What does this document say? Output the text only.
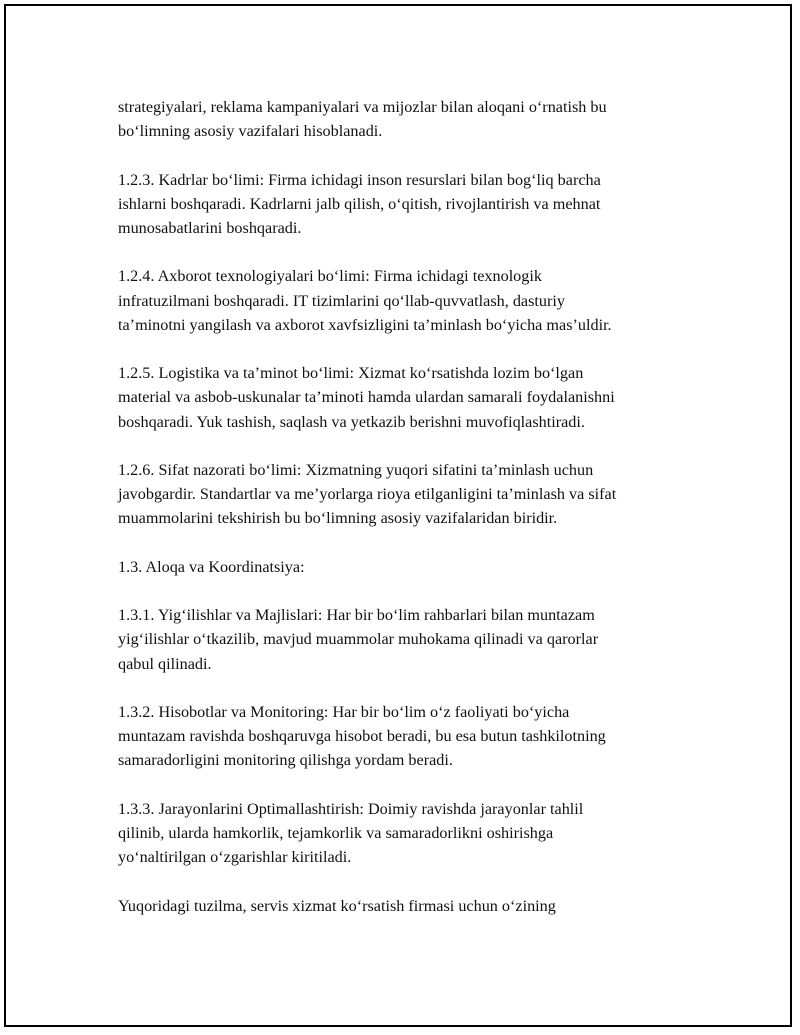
strategiyalari, reklama kampaniyalari va mijozlar bilan aloqani oʻrnatish bu
boʻlimning asosiy vazifalari hisoblanadi.

1.2.3. Kadrlar boʻlimi: Firma ichidagi inson resurslari bilan bogʻliq barcha
ishlarni boshqaradi. Kadrlarni jalb qilish, oʻqitish, rivojlantirish va mehnat
munosabatlarini boshqaradi.

1.2.4. Axborot texnologiyalari boʻlimi: Firma ichidagi texnologik
infratuzilmani boshqaradi. IT tizimlarini qoʻllab-quvvatlash, dasturiy
taʼminotni yangilash va axborot xavfsizligini taʼminlash boʻyicha masʼuldir.

1.2.5. Logistika va taʼminot boʻlimi: Xizmat koʻrsatishda lozim boʻlgan
material va asbob-uskunalar taʼminoti hamda ulardan samarali foydalanishni
boshqaradi. Yuk tashish, saqlash va yetkazib berishni muvofiqlashtiradi.

1.2.6. Sifat nazorati boʻlimi: Xizmatning yuqori sifatini taʼminlash uchun
javobgardir. Standartlar va meʼyorlarga rioya etilganligini taʼminlash va sifat
muammolarini tekshirish bu boʻlimning asosiy vazifalaridan biridir.

1.3. Aloqa va Koordinatsiya:

1.3.1. Yigʻilishlar va Majlislari: Har bir boʻlim rahbarlari bilan muntazam
yigʻilishlar oʻtkazilib, mavjud muammolar muhokama qilinadi va qarorlar
qabul qilinadi.

1.3.2. Hisobotlar va Monitoring: Har bir boʻlim oʻz faoliyati boʻyicha
muntazam ravishda boshqaruvga hisobot beradi, bu esa butun tashkilotning
samaradorligini monitoring qilishga yordam beradi.

1.3.3. Jarayonlarini Optimallashtirish: Doimiy ravishda jarayonlar tahlil
qilinib, ularda hamkorlik, tejamkorlik va samaradorlikni oshirishga
yoʻnaltirilgan oʻzgarishlar kiritiladi.

Yuqoridagi tuzilma, servis xizmat koʻrsatish firmasi uchun oʻzining
